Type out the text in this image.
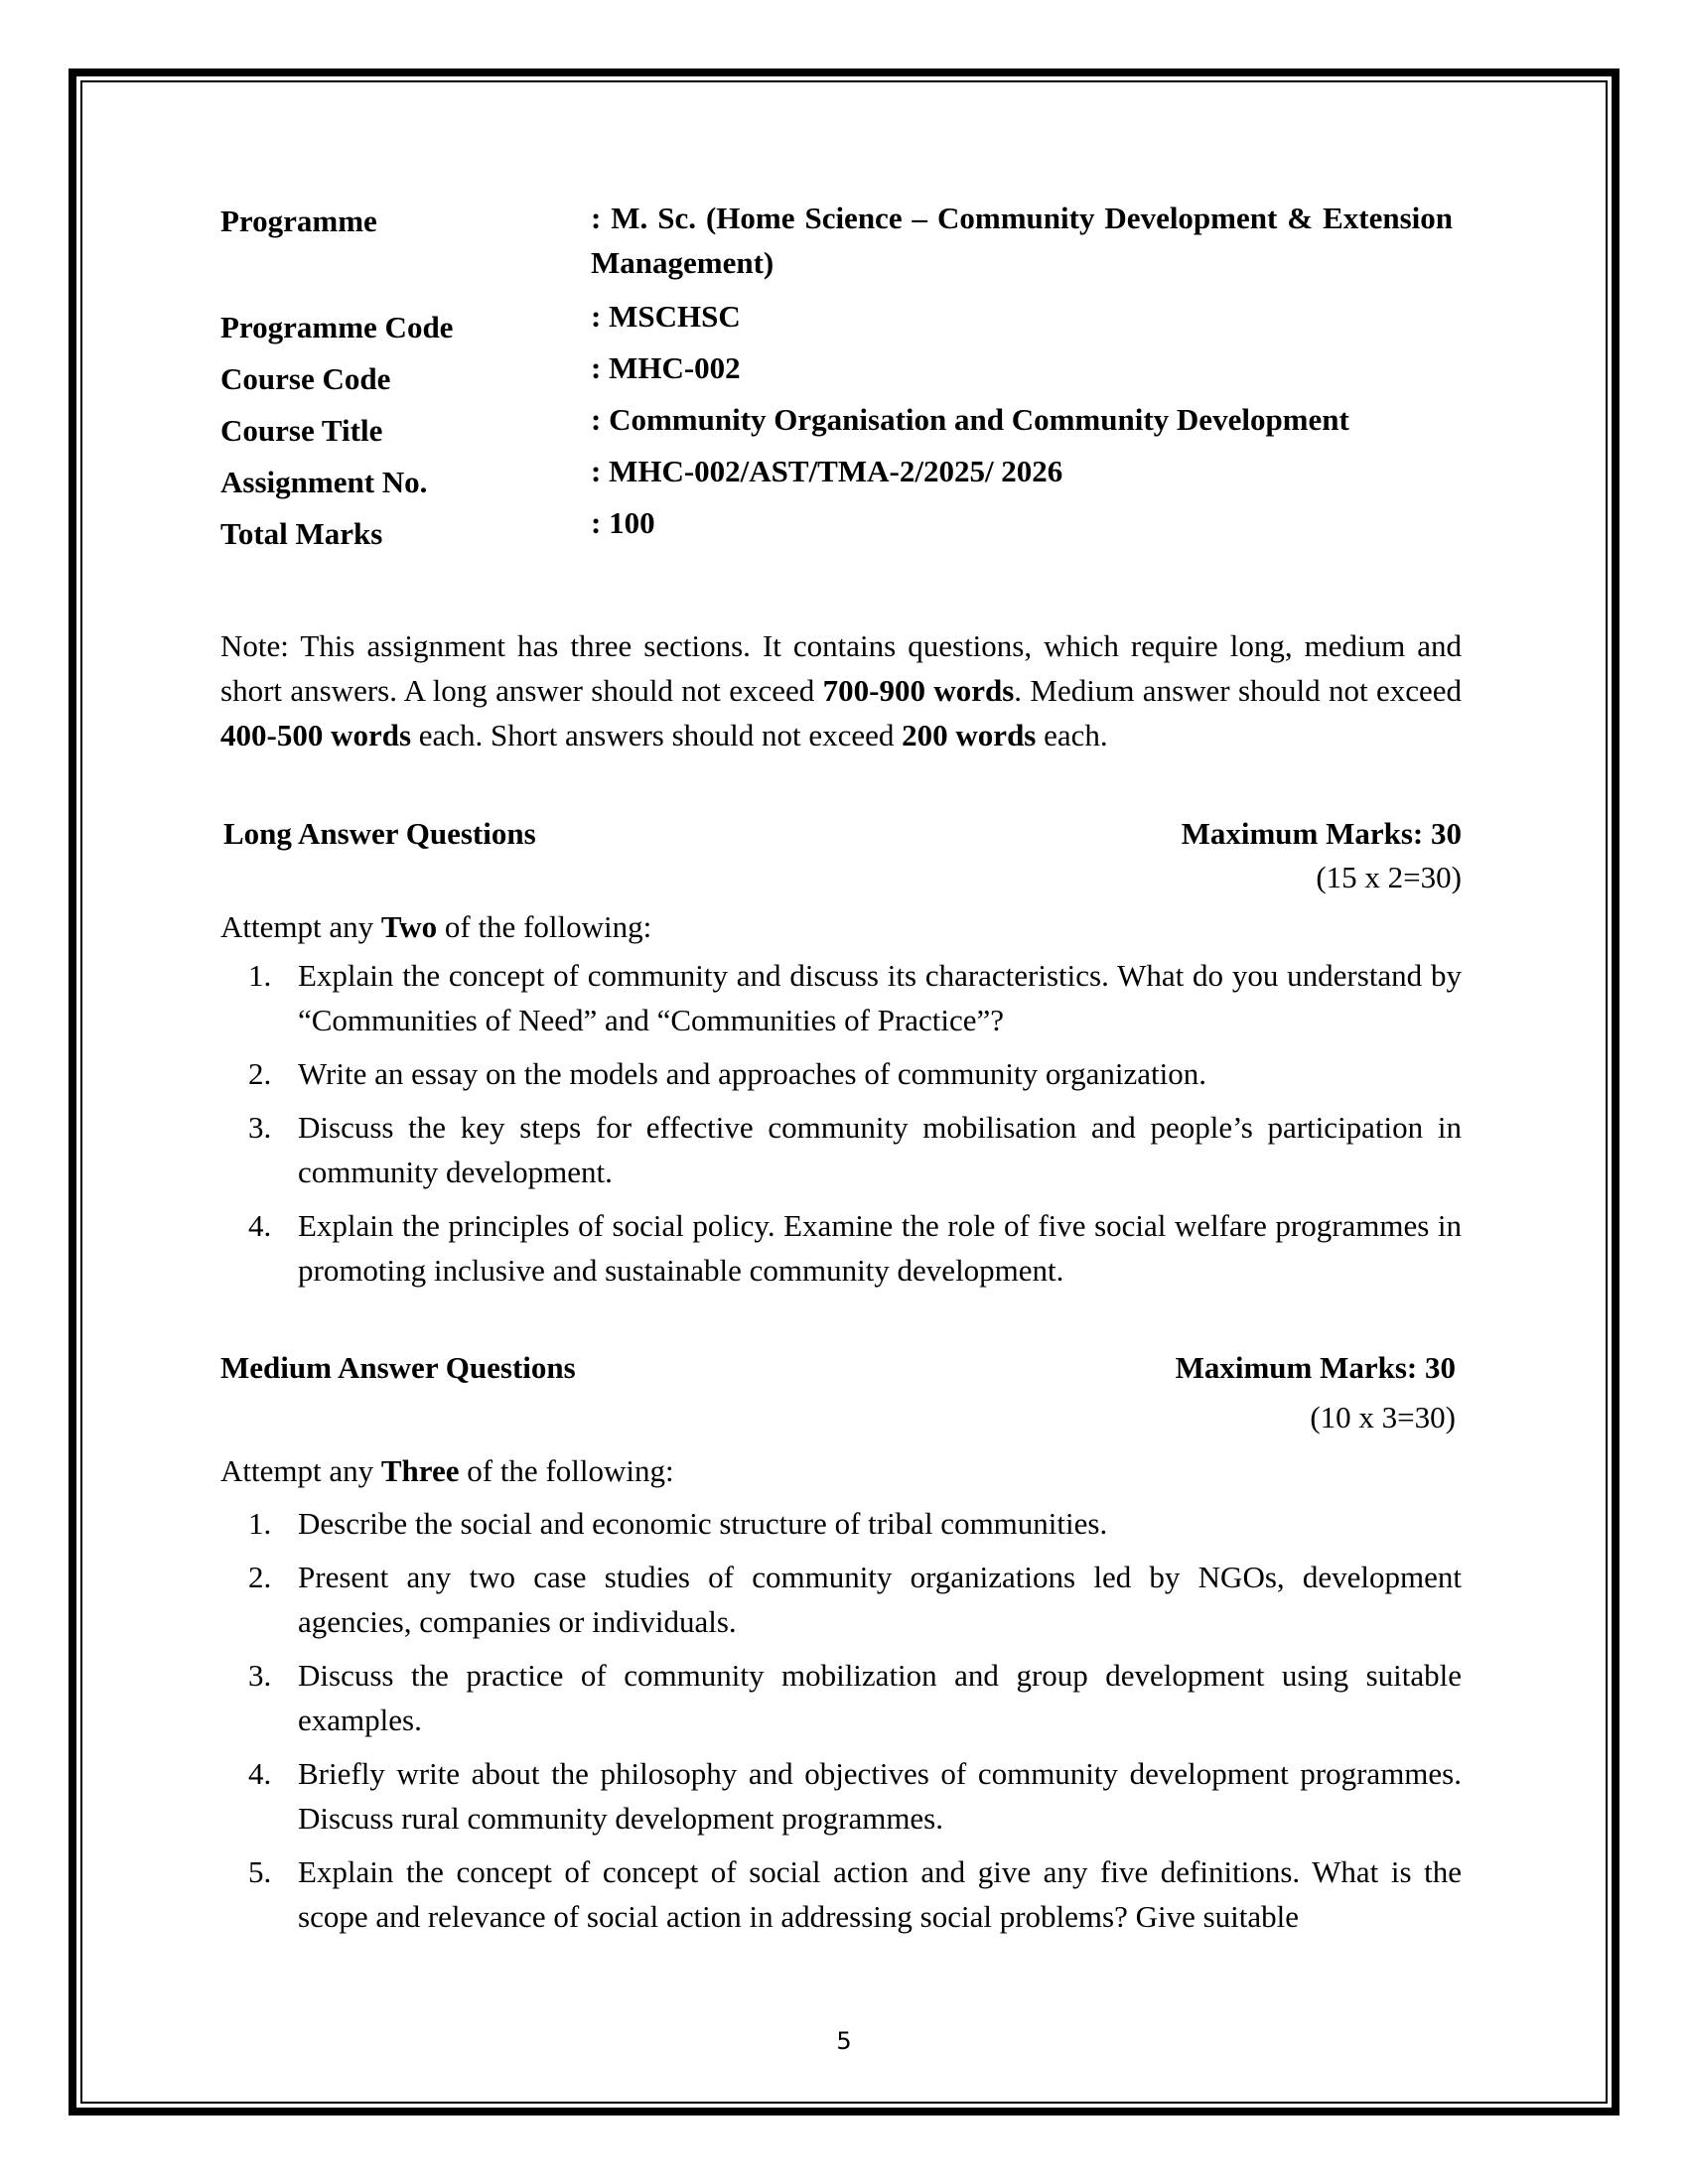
Programme	: M. Sc. (Home Science – Community Development & Extension Management)
Programme Code	: MSCHSC
Course Code	: MHC-002
Course Title	: Community Organisation and Community Development
Assignment No.	: MHC-002/AST/TMA-2/2025/ 2026
Total Marks	: 100
Note: This assignment has three sections. It contains questions, which require long, medium and short answers. A long answer should not exceed 700-900 words. Medium answer should not exceed 400-500 words each. Short answers should not exceed 200 words each.
Long Answer Questions	Maximum Marks: 30
(15 x 2=30)
Attempt any Two of the following:
1. Explain the concept of community and discuss its characteristics. What do you understand by “Communities of Need” and “Communities of Practice”?
2. Write an essay on the models and approaches of community organization.
3. Discuss the key steps for effective community mobilisation and people’s participation in community development.
4. Explain the principles of social policy. Examine the role of five social welfare programmes in promoting inclusive and sustainable community development.
Medium Answer Questions	Maximum Marks: 30
(10 x 3=30)
Attempt any Three of the following:
1. Describe the social and economic structure of tribal communities.
2. Present any two case studies of community organizations led by NGOs, development agencies, companies or individuals.
3. Discuss the practice of community mobilization and group development using suitable examples.
4. Briefly write about the philosophy and objectives of community development programmes. Discuss rural community development programmes.
5. Explain the concept of concept of social action and give any five definitions. What is the scope and relevance of social action in addressing social problems? Give suitable
5
